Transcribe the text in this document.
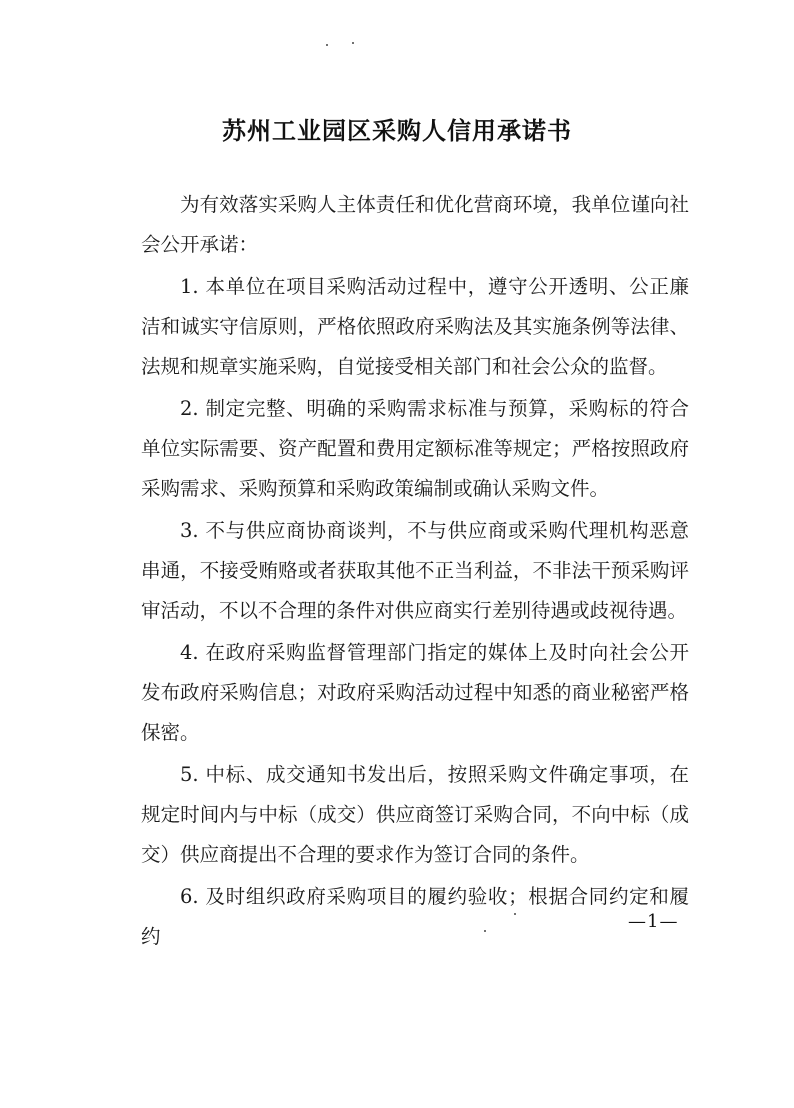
苏州工业园区采购人信用承诺书

为有效落实采购人主体责任和优化营商环境，我单位谨向社会公开承诺：

1. 本单位在项目采购活动过程中，遵守公开透明、公正廉洁和诚实守信原则，严格依照政府采购法及其实施条例等法律、法规和规章实施采购，自觉接受相关部门和社会公众的监督。

2. 制定完整、明确的采购需求标准与预算，采购标的符合单位实际需要、资产配置和费用定额标准等规定；严格按照政府采购需求、采购预算和采购政策编制或确认采购文件。

3. 不与供应商协商谈判，不与供应商或采购代理机构恶意串通，不接受贿赂或者获取其他不正当利益，不非法干预采购评审活动，不以不合理的条件对供应商实行差别待遇或歧视待遇。

4. 在政府采购监督管理部门指定的媒体上及时向社会公开发布政府采购信息；对政府采购活动过程中知悉的商业秘密严格保密。

5. 中标、成交通知书发出后，按照采购文件确定事项，在规定时间内与中标（成交）供应商签订采购合同，不向中标（成交）供应商提出不合理的要求作为签订合同的条件。

6. 及时组织政府采购项目的履约验收；根据合同约定和履约

—1—
